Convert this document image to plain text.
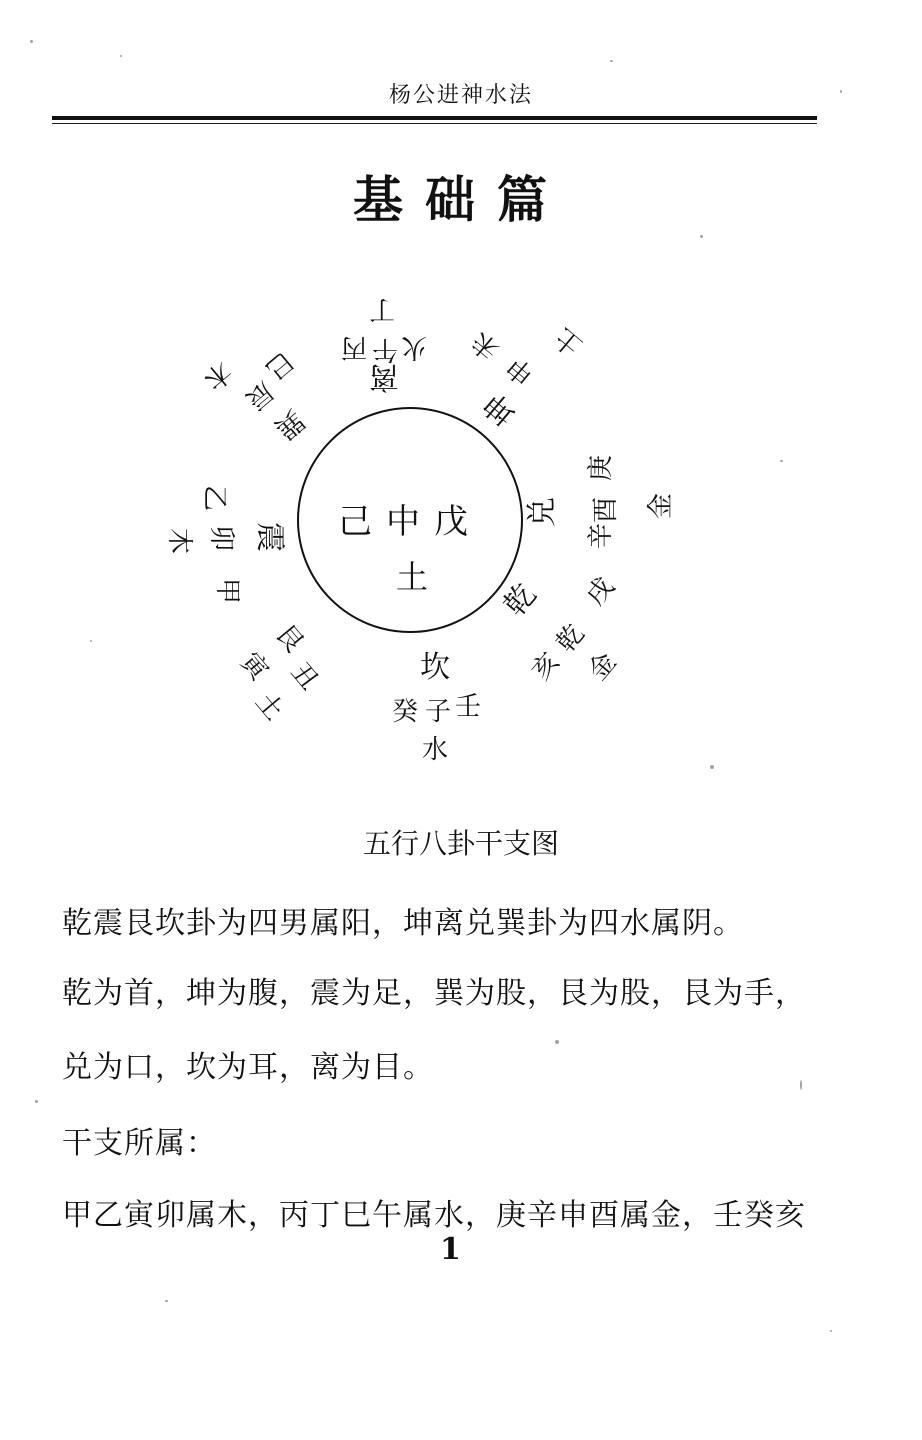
杨公进神水法
基础篇
己中戊
土
丁
午
丙 火
离
坤
申
未 土
兑
庚
酉
辛
金
乾 戌
亥
乾
金
坎
壬
子
癸
水
艮
丑
寅
土
震
甲
卯
乙
木
巽
辰
巳
木
五行八卦干支图
乾震艮坎卦为四男属阳，坤离兑巽卦为四水属阴。
乾为首，坤为腹，震为足，巽为股，艮为股，艮为手，
兑为口，坎为耳，离为目。
干支所属：
甲乙寅卯属木，丙丁巳午属水，庚辛申酉属金，壬癸亥
1
